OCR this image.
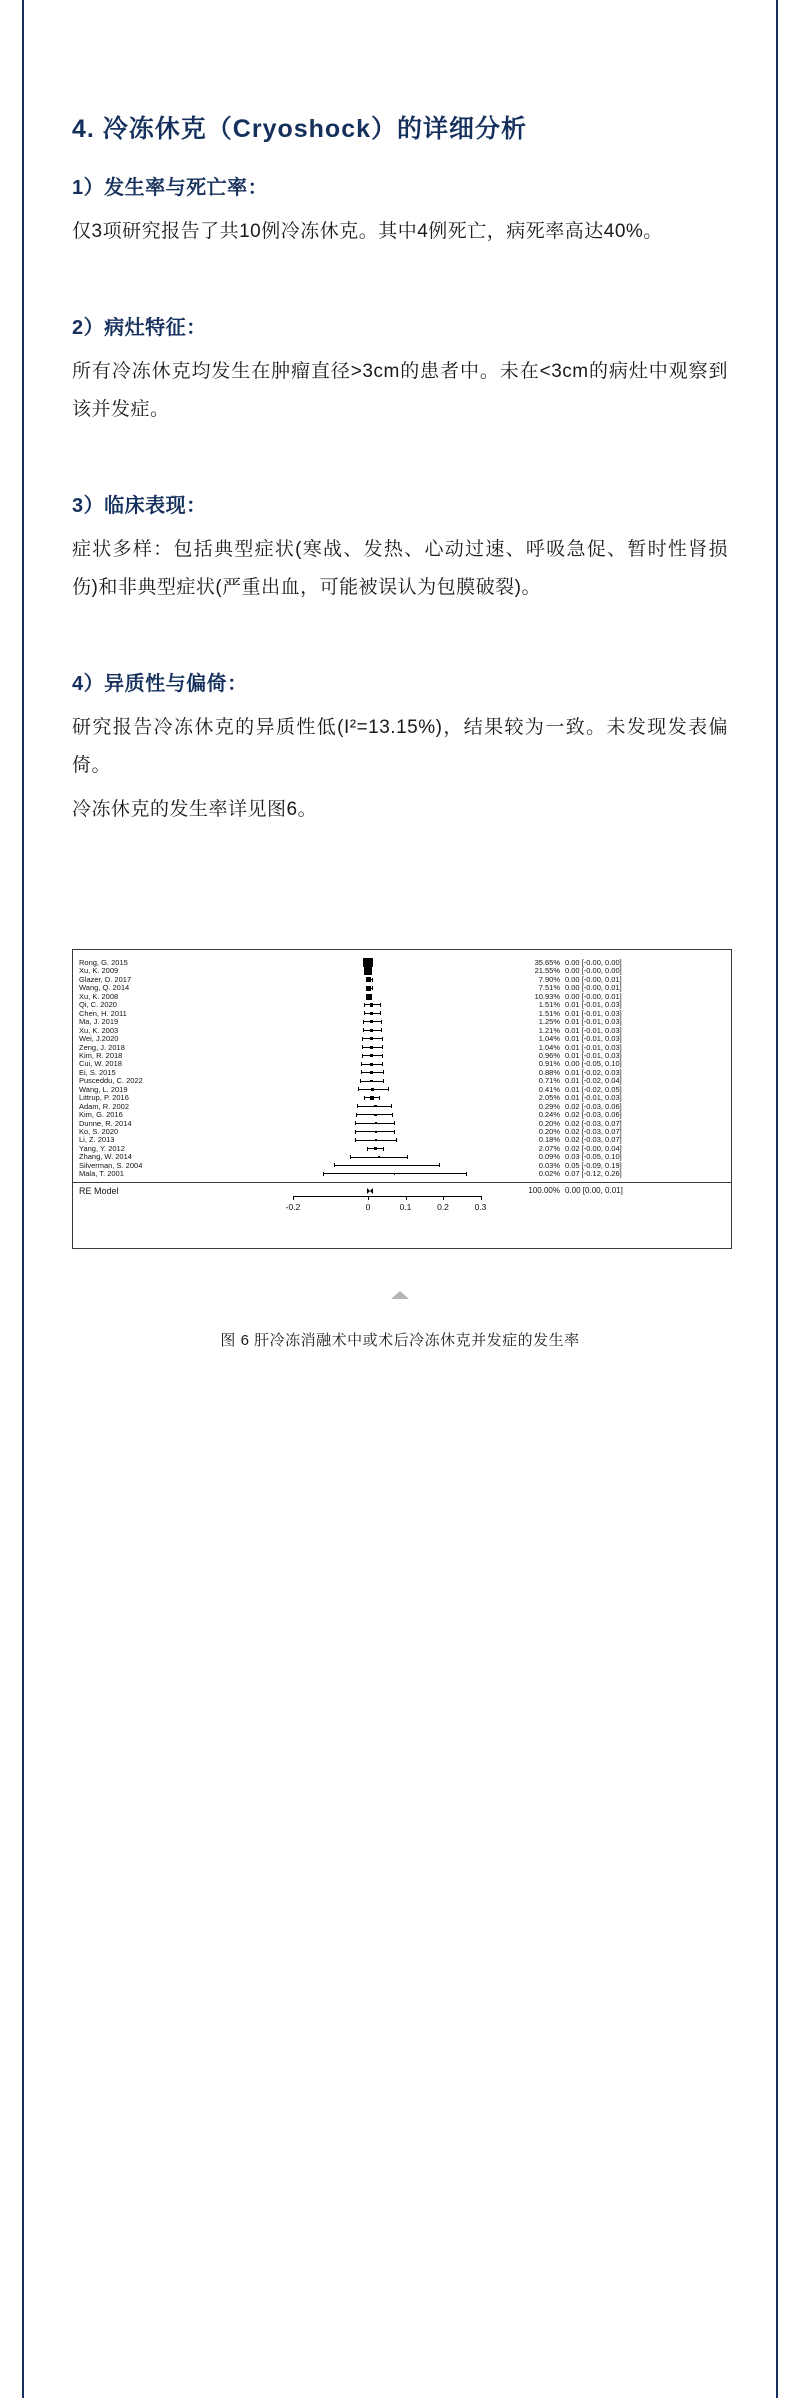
4. 冷冻休克（Cryoshock）的详细分析
1）发生率与死亡率：

仅3项研究报告了共10例冷冻休克。其中4例死亡，病死率高达40%。

2）病灶特征：

所有冷冻休克均发生在肿瘤直径>3cm的患者中。未在<3cm的病灶中观察到该并发症。

3）临床表现：

症状多样：包括典型症状(寒战、发热、心动过速、呼吸急促、暂时性肾损伤)和非典型症状(严重出血，可能被误认为包膜破裂)。

4）异质性与偏倚：

研究报告冷冻休克的异质性低(I²=13.15%)，结果较为一致。未发现发表偏倚。

冷冻休克的发生率详见图6。

Rong, G. 2015	35.65% 0.00 [-0.00, 0.00]
Xu, K. 2009	21.55% 0.00 [-0.00, 0.00]
Glazer, D. 2017	7.90% 0.00 [-0.00, 0.01]
Wang, Q. 2014	7.51% 0.00 [-0.00, 0.01]
Xu, K. 2008	10.93% 0.00 [-0.00, 0.01]
Qi, C. 2020	1.51% 0.01 [-0.01, 0.03]
Chen, H. 2011	1.51% 0.01 [-0.01, 0.03]
Ma, J. 2019	1.25% 0.01 [-0.01, 0.03]
Xu, K. 2003	1.21% 0.01 [-0.01, 0.03]
Wei, J.2020	1.04% 0.01 [-0.01, 0.03]
Zeng, J. 2018	1.04% 0.01 [-0.01, 0.03]
Kim, R. 2018	0.96% 0.01 [-0.01, 0.03]
Cui, W. 2018	0.91% 0.00 [-0.05, 0.10]
Ei, S. 2015	0.88% 0.01 [-0.02, 0.03]
Pusceddu, C. 2022	0.71% 0.01 [-0.02, 0.04]
Wang, L. 2019	0.41% 0.01 [-0.02, 0.05]
Littrup, P. 2016	2.05% 0.01 [-0.01, 0.03]
Adam, R. 2002	0.29% 0.02 [-0.03, 0.06]
Kim, G. 2016	0.24% 0.02 [-0.03, 0.06]
Dunne, R. 2014	0.20% 0.02 [-0.03, 0.07]
Ko, S. 2020	0.20% 0.02 [-0.03, 0.07]
Li, Z. 2013	0.18% 0.02 [-0.03, 0.07]
Yang, Y. 2012	2.07% 0.02 [-0.00, 0.04]
Zhang, W. 2014	0.09% 0.03 [-0.05, 0.10]
Silverman, S. 2004	0.03% 0.05 [-0.09, 0.19]
Mala, T. 2001	0.02% 0.07 [-0.12, 0.26]
-0.2	0	0.1	0.2	0.3
RE Model	100.00% 0.00 [0.00, 0.01]
图 6 肝冷冻消融术中或术后冷冻休克并发症的发生率
